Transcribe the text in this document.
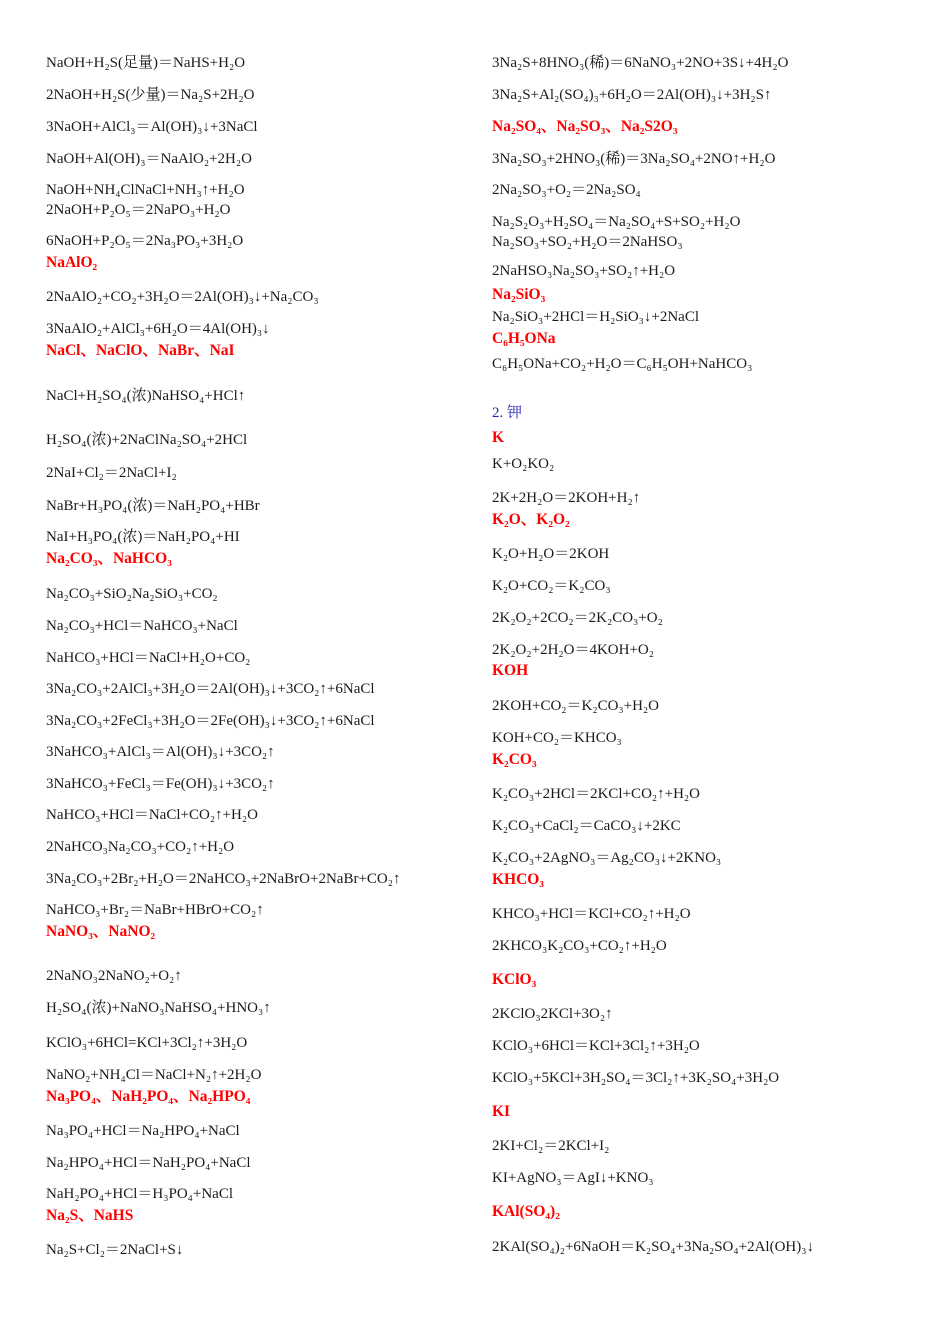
NaOH+H₂S(足量)＝NaHS+H₂O
2NaOH+H₂S(少量)＝Na₂S+2H₂O
3NaOH+AlCl₃＝Al(OH)₃↓+3NaCl
NaOH+Al(OH)₃＝NaAlO₂+2H₂O
NaOH+NH₄ClNaCl+NH₃↑+H₂O
2NaOH+P₂O₅＝2NaPO₃+H₂O
6NaOH+P₂O₅＝2Na₃PO₃+3H₂O
NaAlO₂
2NaAlO₂+CO₂+3H₂O＝2Al(OH)₃↓+Na₂CO₃
3NaAlO₂+AlCl₃+6H₂O＝4Al(OH)₃↓
NaCl、NaClO、NaBr、NaI
NaCl+H₂SO₄(浓)NaHSO₄+HCl↑
H₂SO₄(浓)+2NaClNa₂SO₄+2HCl
2NaI+Cl₂＝2NaCl+I₂
NaBr+H₃PO₄(浓)＝NaH₂PO₄+HBr
NaI+H₃PO₄(浓)＝NaH₂PO₄+HI
Na₂CO₃、NaHCO₃
Na₂CO₃+SiO₂Na₂SiO₃+CO₂
Na₂CO₃+HCl＝NaHCO₃+NaCl
NaHCO₃+HCl＝NaCl+H₂O+CO₂
3Na₂CO₃+2AlCl₃+3H₂O＝2Al(OH)₃↓+3CO₂↑+6NaCl
3Na₂CO₃+2FeCl₃+3H₂O＝2Fe(OH)₃↓+3CO₂↑+6NaCl
3NaHCO₃+AlCl₃＝Al(OH)₃↓+3CO₂↑
3NaHCO₃+FeCl₃＝Fe(OH)₃↓+3CO₂↑
NaHCO₃+HCl＝NaCl+CO₂↑+H₂O
2NaHCO₃Na₂CO₃+CO₂↑+H₂O
3Na₂CO₃+2Br₂+H₂O＝2NaHCO₃+2NaBrO+2NaBr+CO₂↑
NaHCO₃+Br₂＝NaBr+HBrO+CO₂↑
NaNO₃、NaNO₂
2NaNO₃2NaNO₂+O₂↑
H₂SO₄(浓)+NaNO₃NaHSO₄+HNO₃↑
KClO₃+6HCl=KCl+3Cl₂↑+3H₂O
NaNO₂+NH₄Cl＝NaCl+N₂↑+2H₂O
Na₃PO₄、NaH₂PO₄、Na₂HPO₄
Na₃PO₄+HCl＝Na₂HPO₄+NaCl
Na₂HPO₄+HCl＝NaH₂PO₄+NaCl
NaH₂PO₄+HCl＝H₃PO₄+NaCl
Na₂S、NaHS
Na₂S+Cl₂＝2NaCl+S↓
3Na₂S+8HNO₃(稀)＝6NaNO₃+2NO+3S↓+4H₂O
3Na₂S+Al₂(SO₄)₃+6H₂O＝2Al(OH)₃↓+3H₂S↑
Na₂SO₄、Na₂SO₃、Na₂S2O₃
3Na₂SO₃+2HNO₃(稀)＝3Na₂SO₄+2NO↑+H₂O
2Na₂SO₃+O₂＝2Na₂SO₄
Na₂S₂O₃+H₂SO₄＝Na₂SO₄+S+SO₂+H₂O
Na₂SO₃+SO₂+H₂O＝2NaHSO₃
2NaHSO₃Na₂SO₃+SO₂↑+H₂O
Na₂SiO₃
Na₂SiO₃+2HCl＝H₂SiO₃↓+2NaCl
C₆H₅ONa
C₆H₅ONa+CO₂+H₂O＝C₆H₅OH+NaHCO₃
2. 钾
K
K+O₂KO₂
2K+2H₂O＝2KOH+H₂↑
K₂O、K₂O₂
K₂O+H₂O＝2KOH
K₂O+CO₂＝K₂CO₃
2K₂O₂+2CO₂＝2K₂CO₃+O₂
2K₂O₂+2H₂O＝4KOH+O₂
KOH
2KOH+CO₂＝K₂CO₃+H₂O
KOH+CO₂＝KHCO₃
K₂CO₃
K₂CO₃+2HCl＝2KCl+CO₂↑+H₂O
K₂CO₃+CaCl₂＝CaCO₃↓+2KC
K₂CO₃+2AgNO₃＝Ag₂CO₃↓+2KNO₃
KHCO₃
KHCO₃+HCl＝KCl+CO₂↑+H₂O
2KHCO₃K₂CO₃+CO₂↑+H₂O
KClO₃
2KClO₃2KCl+3O₂↑
KClO₃+6HCl＝KCl+3Cl₂↑+3H₂O
KClO₃+5KCl+3H₂SO₄＝3Cl₂↑+3K₂SO₄+3H₂O
KI
2KI+Cl₂＝2KCl+I₂
KI+AgNO₃＝AgI↓+KNO₃
KAl(SO₄)₂
2KAl(SO₄)₂+6NaOH＝K₂SO₄+3Na₂SO₄+2Al(OH)₃↓
